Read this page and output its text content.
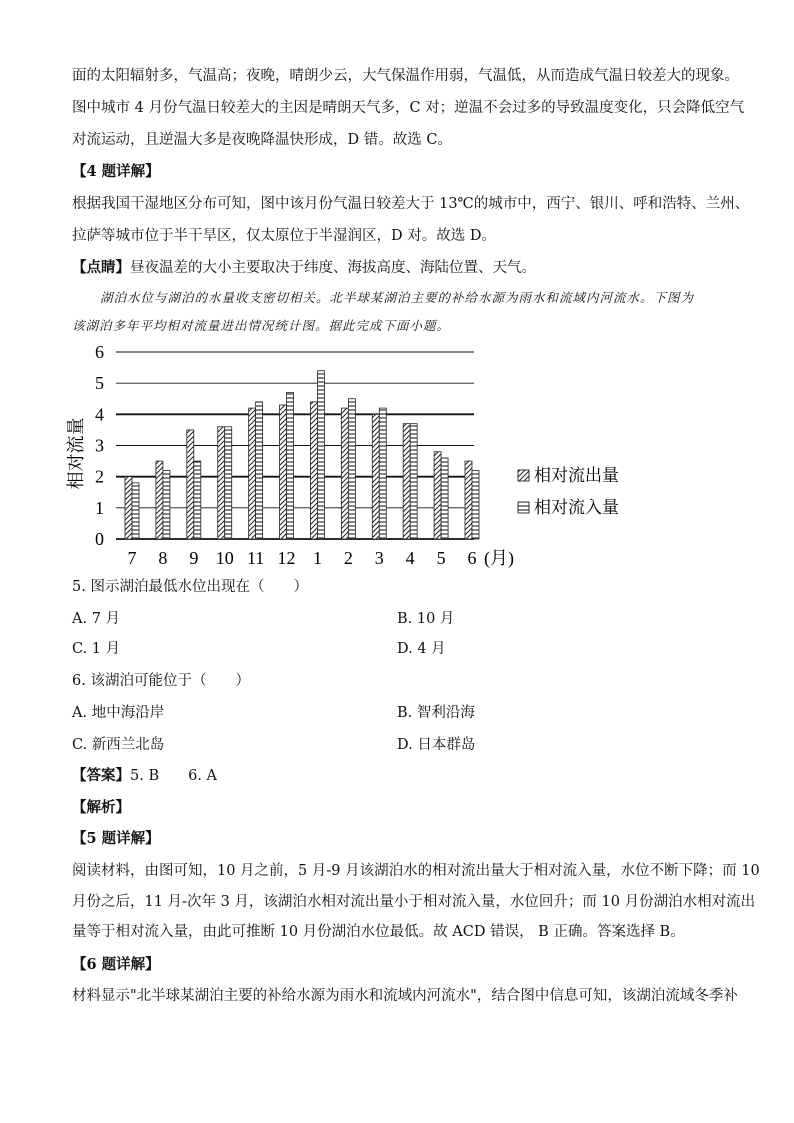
面的太阳辐射多，气温高；夜晚，晴朗少云，大气保温作用弱，气温低，从而造成气温日较差大的现象。
图中城市 4 月份气温日较差大的主因是晴朗天气多，C 对；逆温不会过多的导致温度变化，只会降低空气
对流运动，且逆温大多是夜晚降温快形成，D 错。故选 C。
【4 题详解】
根据我国干湿地区分布可知，图中该月份气温日较差大于 13℃的城市中，西宁、银川、呼和浩特、兰州、
拉萨等城市位于半干旱区，仅太原位于半湿润区，D 对。故选 D。
【点睛】昼夜温差的大小主要取决于纬度、海拔高度、海陆位置、天气。
湖泊水位与湖泊的水量收支密切相关。北半球某湖泊主要的补给水源为雨水和流域内河流水。下图为
该湖泊多年平均相对流量进出情况统计图。据此完成下面小题。
0
1
2
3
4
5
6
相对流量
7 8 9 10 11 12 1 2 3 4 5 6 (月)
相对流出量
相对流入量
5. 图示湖泊最低水位出现在（　　）
A. 7 月	B. 10 月
C. 1 月	D. 4 月
6. 该湖泊可能位于（　　）
A. 地中海沿岸	B. 智利沿海
C. 新西兰北岛	D. 日本群岛
【答案】5. B　　6. A
【解析】
【5 题详解】
阅读材料，由图可知，10 月之前，5 月-9 月该湖泊水的相对流出量大于相对流入量，水位不断下降；而 10
月份之后，11 月-次年 3 月，该湖泊水相对流出量小于相对流入量，水位回升；而 10 月份湖泊水相对流出
量等于相对流入量，由此可推断 10 月份湖泊水位最低。故 ACD 错误， B 正确。答案选择 B。
【6 题详解】
材料显示"北半球某湖泊主要的补给水源为雨水和流域内河流水"，结合图中信息可知，该湖泊流域冬季补
